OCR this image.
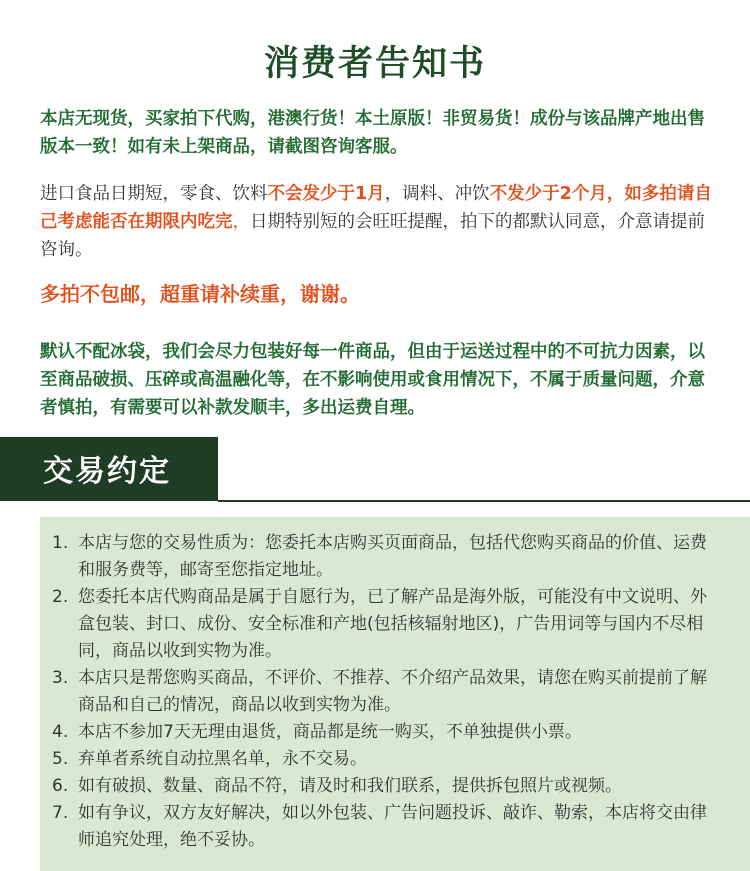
消费者告知书
本店无现货，买家拍下代购，港澳行货！本土原版！非贸易货！成份与该品牌产地出售版本一致！如有未上架商品，请截图咨询客服。
进口食品日期短，零食、饮料不会发少于1月，调料、冲饮不发少于2个月，如多拍请自己考虑能否在期限内吃完，日期特别短的会旺旺提醒，拍下的都默认同意，介意请提前咨询。
多拍不包邮，超重请补续重，谢谢。
默认不配冰袋，我们会尽力包装好每一件商品，但由于运送过程中的不可抗力因素，以至商品破损、压碎或高温融化等，在不影响使用或食用情况下，不属于质量问题，介意者慎拍，有需要可以补款发顺丰，多出运费自理。
交易约定
1. 本店与您的交易性质为：您委托本店购买页面商品，包括代您购买商品的价值、运费和服务费等，邮寄至您指定地址。
2. 您委托本店代购商品是属于自愿行为，已了解产品是海外版，可能没有中文说明、外盒包装、封口、成份、安全标准和产地(包括核辐射地区)，广告用词等与国内不尽相同，商品以收到实物为准。
3. 本店只是帮您购买商品，不评价、不推荐、不介绍产品效果，请您在购买前提前了解商品和自己的情况，商品以收到实物为准。
4. 本店不参加7天无理由退货，商品都是统一购买，不单独提供小票。
5. 弃单者系统自动拉黑名单，永不交易。
6. 如有破损、数量、商品不符，请及时和我们联系，提供拆包照片或视频。
7. 如有争议，双方友好解决，如以外包装、广告问题投诉、敲诈、勒索，本店将交由律师追究处理，绝不妥协。
